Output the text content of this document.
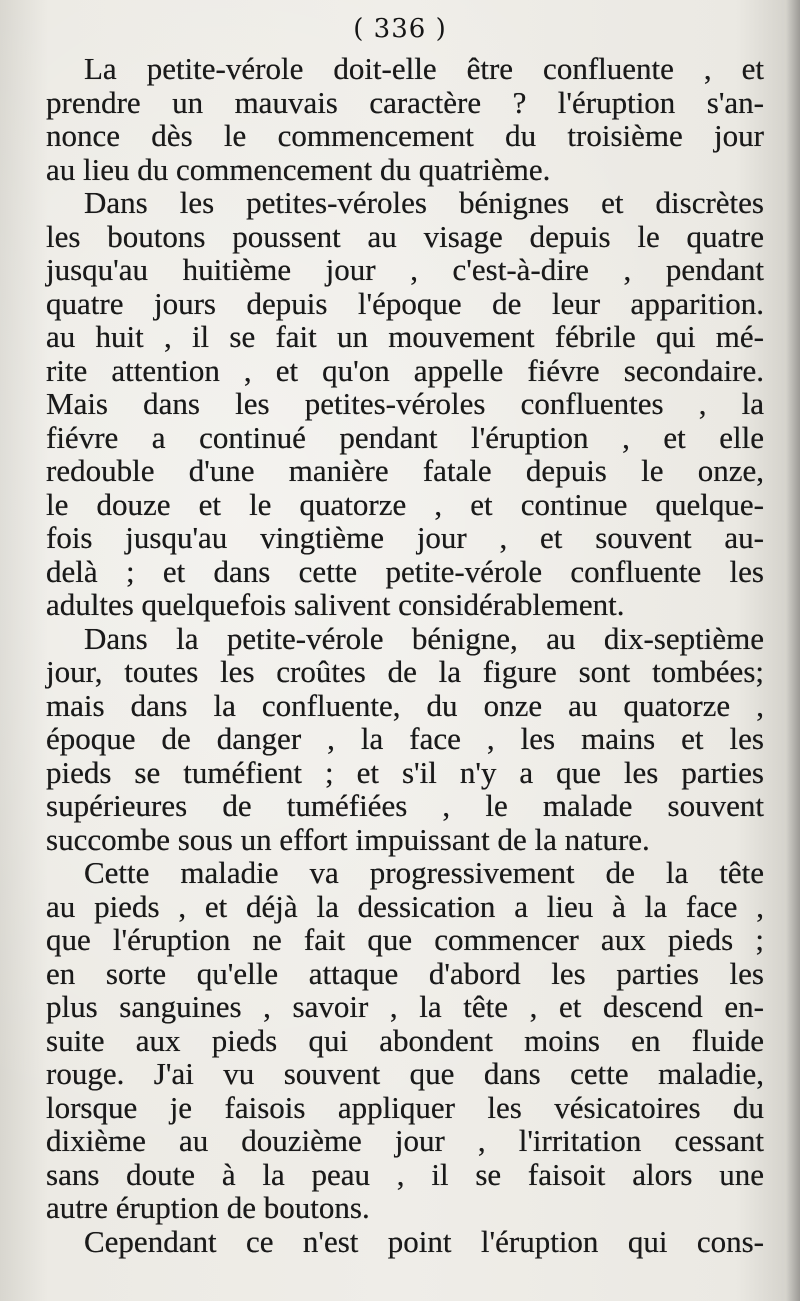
( 336 )
La petite-vérole doit-elle être confluente , et
prendre un mauvais caractère ? l'éruption s'an-
nonce dès le commencement du troisième jour
au lieu du commencement du quatrième.
Dans les petites-véroles bénignes et discrètes
les boutons poussent au visage depuis le quatre
jusqu'au huitième jour , c'est-à-dire , pendant
quatre jours depuis l'époque de leur apparition.
au huit , il se fait un mouvement fébrile qui mé-
rite attention , et qu'on appelle fiévre secondaire.
Mais dans les petites-véroles confluentes , la
fiévre a continué pendant l'éruption , et elle
redouble d'une manière fatale depuis le onze,
le douze et le quatorze , et continue quelque-
fois jusqu'au vingtième jour , et souvent au-
delà ; et dans cette petite-vérole confluente les
adultes quelquefois salivent considérablement.
Dans la petite-vérole bénigne, au dix-septième
jour, toutes les croûtes de la figure sont tombées;
mais dans la confluente, du onze au quatorze ,
époque de danger , la face , les mains et les
pieds se tuméfient ; et s'il n'y a que les parties
supérieures de tuméfiées , le malade souvent
succombe sous un effort impuissant de la nature.
Cette maladie va progressivement de la tête
au pieds , et déjà la dessication a lieu à la face ,
que l'éruption ne fait que commencer aux pieds ;
en sorte qu'elle attaque d'abord les parties les
plus sanguines , savoir , la tête , et descend en-
suite aux pieds qui abondent moins en fluide
rouge. J'ai vu souvent que dans cette maladie,
lorsque je faisois appliquer les vésicatoires du
dixième au douzième jour , l'irritation cessant
sans doute à la peau , il se faisoit alors une
autre éruption de boutons.
Cependant ce n'est point l'éruption qui cons-
